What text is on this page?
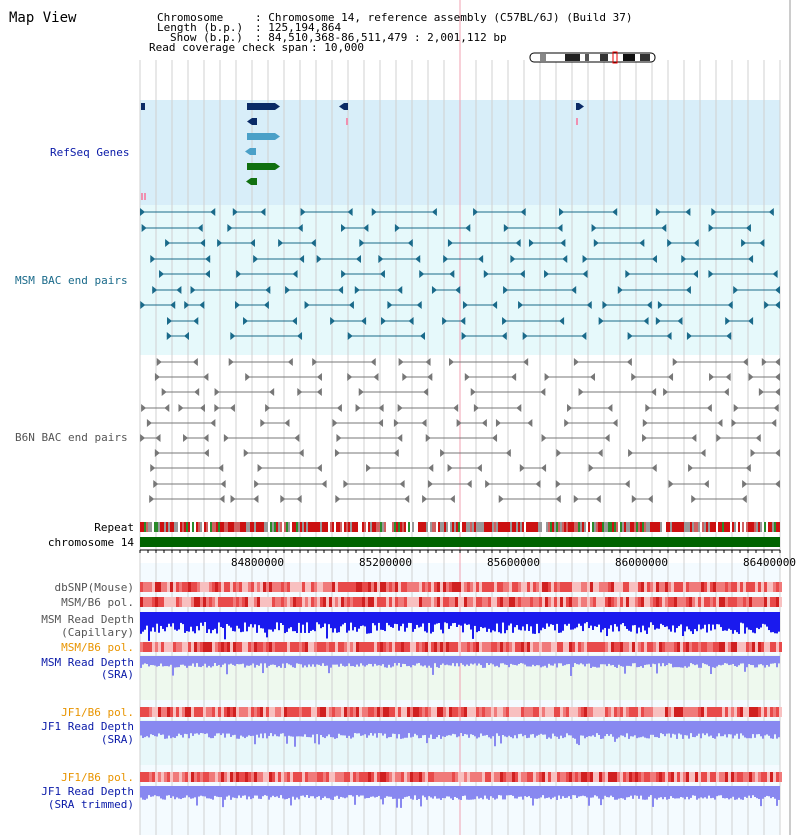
Map View	Chromosome	: Chromosome 14, reference assembly (C57BL/6J) (Build 37)
Length (b.p.) : 125,194,864
Show (b.p.) : 84,510,368-86,511,479 : 2,001,112 bp
Read coverage check span : 10,000
RefSeq Genes
MSM BAC end pairs
B6N BAC end pairs
Repeat
chromosome 14
dbSNP(Mouse)
MSM/B6 pol.
MSM Read Depth
(Capillary)
MSM/B6 pol.
MSM Read Depth
(SRA)
JF1/B6 pol.
JF1 Read Depth
(SRA)
JF1/B6 pol.
JF1 Read Depth
(SRA trimmed)
84800000	85200000	85600000	86000000	86400000
